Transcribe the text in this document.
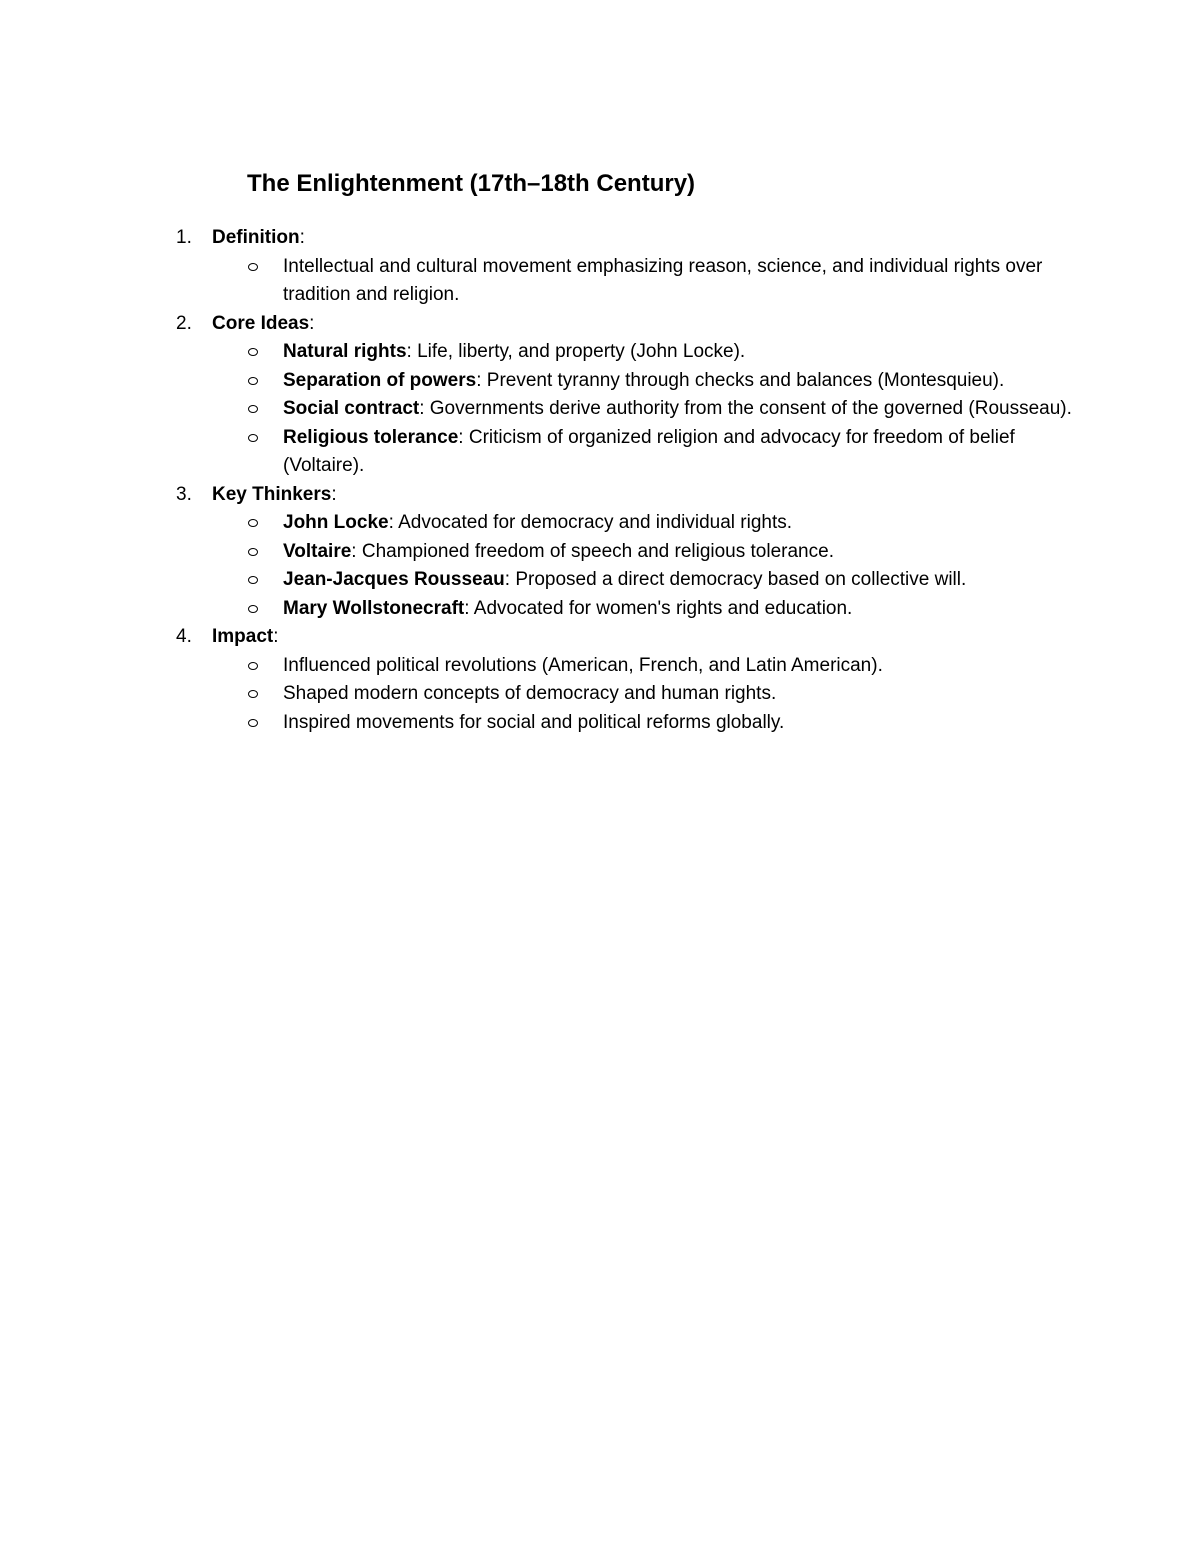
The Enlightenment (17th–18th Century)
1. Definition:
Intellectual and cultural movement emphasizing reason, science, and individual rights over tradition and religion.
2. Core Ideas:
Natural rights: Life, liberty, and property (John Locke).
Separation of powers: Prevent tyranny through checks and balances (Montesquieu).
Social contract: Governments derive authority from the consent of the governed (Rousseau).
Religious tolerance: Criticism of organized religion and advocacy for freedom of belief (Voltaire).
3. Key Thinkers:
John Locke: Advocated for democracy and individual rights.
Voltaire: Championed freedom of speech and religious tolerance.
Jean-Jacques Rousseau: Proposed a direct democracy based on collective will.
Mary Wollstonecraft: Advocated for women's rights and education.
4. Impact:
Influenced political revolutions (American, French, and Latin American).
Shaped modern concepts of democracy and human rights.
Inspired movements for social and political reforms globally.
